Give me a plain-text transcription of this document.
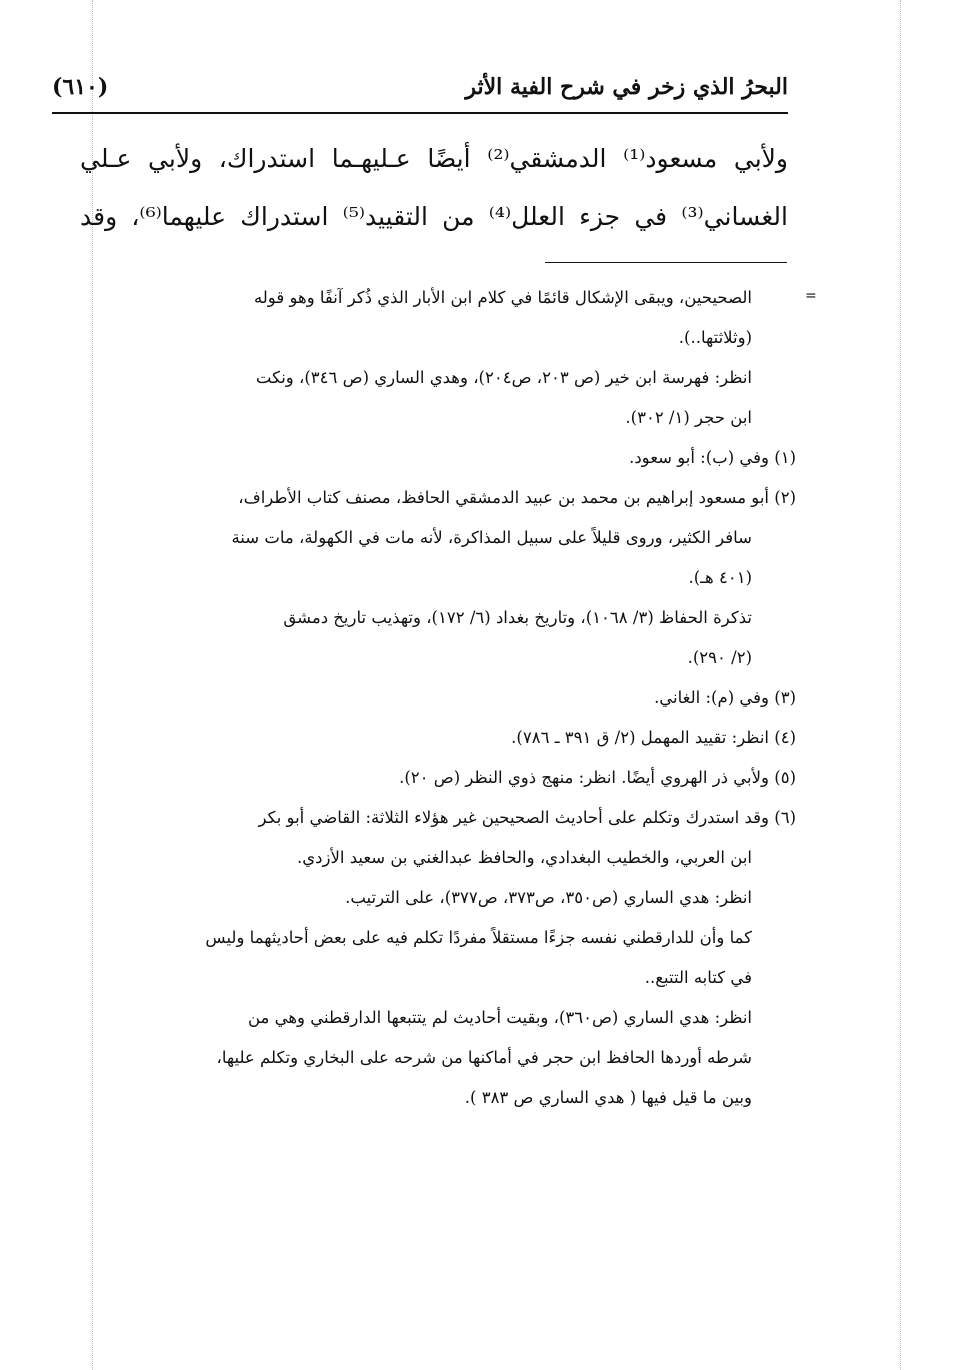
البحرُ الذي زخر في شرح الفية الأثر
(٦١٠)

ولأبي مسعود⁽¹⁾ الدمشقي⁽²⁾ أيضًا عـليهـما استدراك، ولأبي عـلي

الغساني⁽³⁾ في جزء العلل⁽⁴⁾ من التقييد⁽⁵⁾ استدراك عليهما⁽⁶⁾، وقد

=

الصحيحين، ويبقى الإشكال قائمًا في كلام ابن الأبار الذي ذُكر آنفًا وهو قوله

(وثلاثتها..).

انظر: فهرسة ابن خير (ص ٢٠٣، ص٢٠٤)، وهدي الساري (ص ٣٤٦)، ونكت

ابن حجر (١/ ٣٠٢).

(١) وفي (ب): أبو سعود.

(٢) أبو مسعود إبراهيم بن محمد بن عبيد الدمشقي الحافظ، مصنف كتاب الأطراف،

سافر الكثير، وروى قليلاً على سبيل المذاكرة، لأنه مات في الكهولة، مات سنة

(٤٠١ هـ).

تذكرة الحفاظ (٣/ ١٠٦٨)، وتاريخ بغداد (٦/ ١٧٢)، وتهذيب تاريخ دمشق

(٢/ ٢٩٠).

(٣) وفي (م): الغاني.

(٤) انظر: تقييد المهمل (٢/ ق ٣٩١ ـ ٧٨٦).

(٥) ولأبي ذر الهروي أيضًا. انظر: منهج ذوي النظر (ص ٢٠).

(٦) وقد استدرك وتكلم على أحاديث الصحيحين غير هؤلاء الثلاثة: القاضي أبو بكر

ابن العربي، والخطيب البغدادي، والحافظ عبدالغني بن سعيد الأزدي.

انظر: هدي الساري (ص٣٥٠، ص٣٧٣، ص٣٧٧)، على الترتيب.

كما وأن للدارقطني نفسه جزءًا مستقلاً مفردًا تكلم فيه على بعض أحاديثهما وليس

في كتابه التتبع..

انظر: هدي الساري (ص٣٦٠)، وبقيت أحاديث لم يتتبعها الدارقطني وهي من

شرطه أوردها الحافظ ابن حجر في أماكنها من شرحه على البخاري وتكلم عليها،

وبين ما قيل فيها ( هدي الساري ص ٣٨٣ ).
